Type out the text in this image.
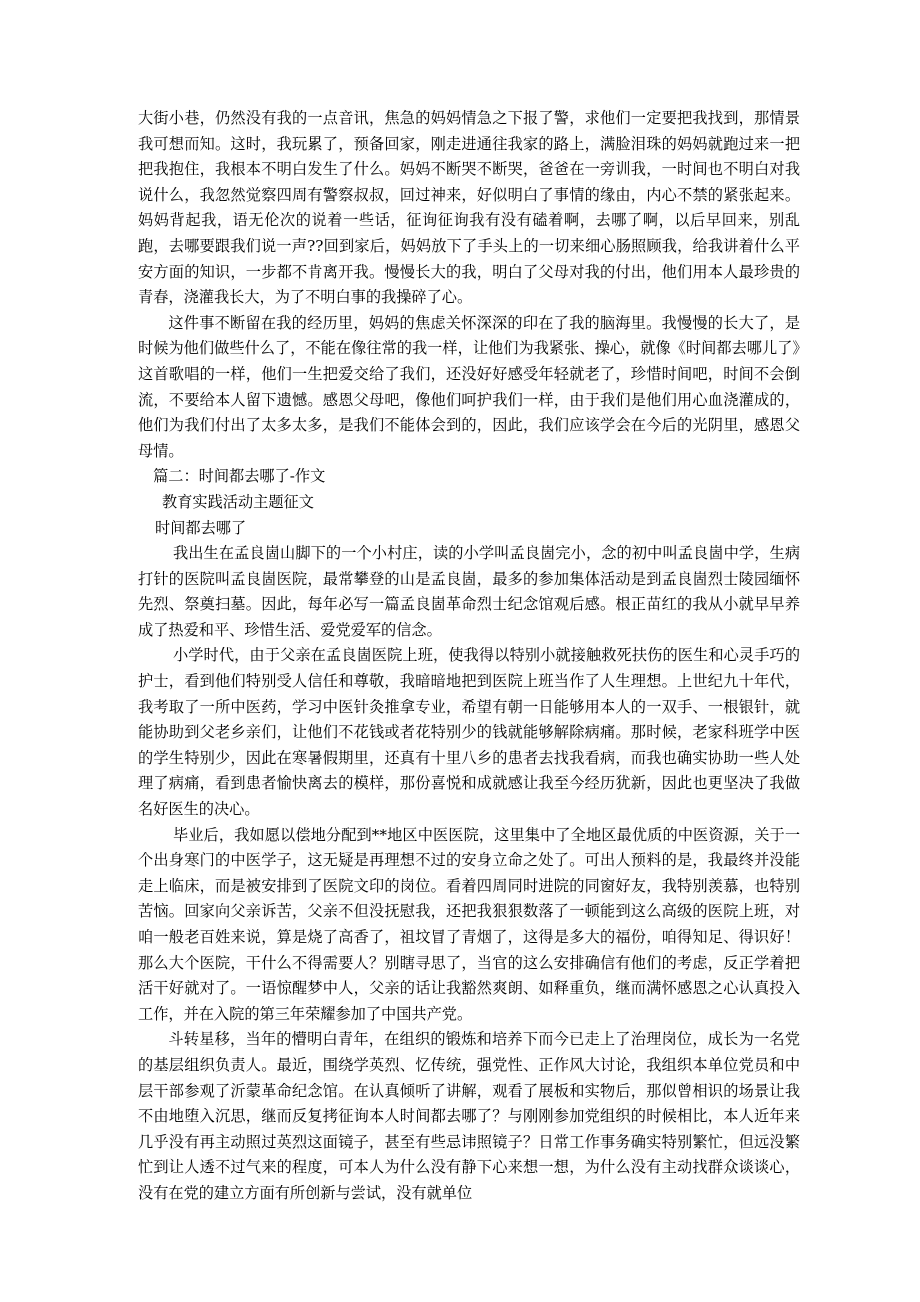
大街小巷，仍然没有我的一点音讯，焦急的妈妈情急之下报了警，求他们一定要把我找到，那情景我可想而知。这时，我玩累了，预备回家，刚走进通往我家的路上，满脸泪珠的妈妈就跑过来一把把我抱住，我根本不明白发生了什么。妈妈不断哭不断哭，爸爸在一旁训我，一时间也不明白对我说什么，我忽然觉察四周有警察叔叔，回过神来，好似明白了事情的缘由，内心不禁的紧张起来。妈妈背起我，语无伦次的说着一些话，征询征询我有没有磕着啊，去哪了啊，以后早回来，别乱跑，去哪要跟我们说一声??回到家后，妈妈放下了手头上的一切来细心肠照顾我，给我讲着什么平安方面的知识，一步都不肯离开我。慢慢长大的我，明白了父母对我的付出，他们用本人最珍贵的青春，浇灌我长大，为了不明白事的我操碎了心。

这件事不断留在我的经历里，妈妈的焦虑关怀深深的印在了我的脑海里。我慢慢的长大了，是时候为他们做些什么了，不能在像往常的我一样，让他们为我紧张、操心，就像《时间都去哪儿了》这首歌唱的一样，他们一生把爱交给了我们，还没好好感受年轻就老了，珍惜时间吧，时间不会倒流，不要给本人留下遗憾。感恩父母吧，像他们呵护我们一样，由于我们是他们用心血浇灌成的，他们为我们付出了太多太多，是我们不能体会到的，因此，我们应该学会在今后的光阴里，感恩父母情。

篇二：时间都去哪了-作文

教育实践活动主题征文

时间都去哪了

我出生在孟良崮山脚下的一个小村庄，读的小学叫孟良崮完小，念的初中叫孟良崮中学，生病打针的医院叫孟良崮医院，最常攀登的山是孟良崮，最多的参加集体活动是到孟良崮烈士陵园缅怀先烈、祭奠扫墓。因此，每年必写一篇孟良崮革命烈士纪念馆观后感。根正苗红的我从小就早早养成了热爱和平、珍惜生活、爱党爱军的信念。

小学时代，由于父亲在孟良崮医院上班，使我得以特别小就接触救死扶伤的医生和心灵手巧的护士，看到他们特别受人信任和尊敬，我暗暗地把到医院上班当作了人生理想。上世纪九十年代，我考取了一所中医药，学习中医针灸推拿专业，希望有朝一日能够用本人的一双手、一根银针，就能协助到父老乡亲们，让他们不花钱或者花特别少的钱就能够解除病痛。那时候，老家科班学中医的学生特别少，因此在寒暑假期里，还真有十里八乡的患者去找我看病，而我也确实协助一些人处理了病痛，看到患者愉快离去的模样，那份喜悦和成就感让我至今经历犹新，因此也更坚决了我做名好医生的决心。

毕业后，我如愿以偿地分配到**地区中医医院，这里集中了全地区最优质的中医资源，关于一个出身寒门的中医学子，这无疑是再理想不过的安身立命之处了。可出人预料的是，我最终并没能走上临床，而是被安排到了医院文印的岗位。看着四周同时进院的同窗好友，我特别羡慕，也特别苦恼。回家向父亲诉苦，父亲不但没抚慰我，还把我狠狠数落了一顿能到这么高级的医院上班，对咱一般老百姓来说，算是烧了高香了，祖坟冒了青烟了，这得是多大的福份，咱得知足、得识好！那么大个医院，干什么不得需要人？别瞎寻思了，当官的这么安排确信有他们的考虑，反正学着把活干好就对了。一语惊醒梦中人，父亲的话让我豁然爽朗、如释重负，继而满怀感恩之心认真投入工作，并在入院的第三年荣耀参加了中国共产党。

斗转星移，当年的懵明白青年，在组织的锻炼和培养下而今已走上了治理岗位，成长为一名党的基层组织负责人。最近，围绕学英烈、忆传统，强党性、正作风大讨论，我组织本单位党员和中层干部参观了沂蒙革命纪念馆。在认真倾听了讲解，观看了展板和实物后，那似曾相识的场景让我不由地堕入沉思，继而反复拷征询本人时间都去哪了？与刚刚参加党组织的时候相比，本人近年来几乎没有再主动照过英烈这面镜子，甚至有些忌讳照镜子？日常工作事务确实特别繁忙，但远没繁忙到让人透不过气来的程度，可本人为什么没有静下心来想一想，为什么没有主动找群众谈谈心，没有在党的建立方面有所创新与尝试，没有就单位
